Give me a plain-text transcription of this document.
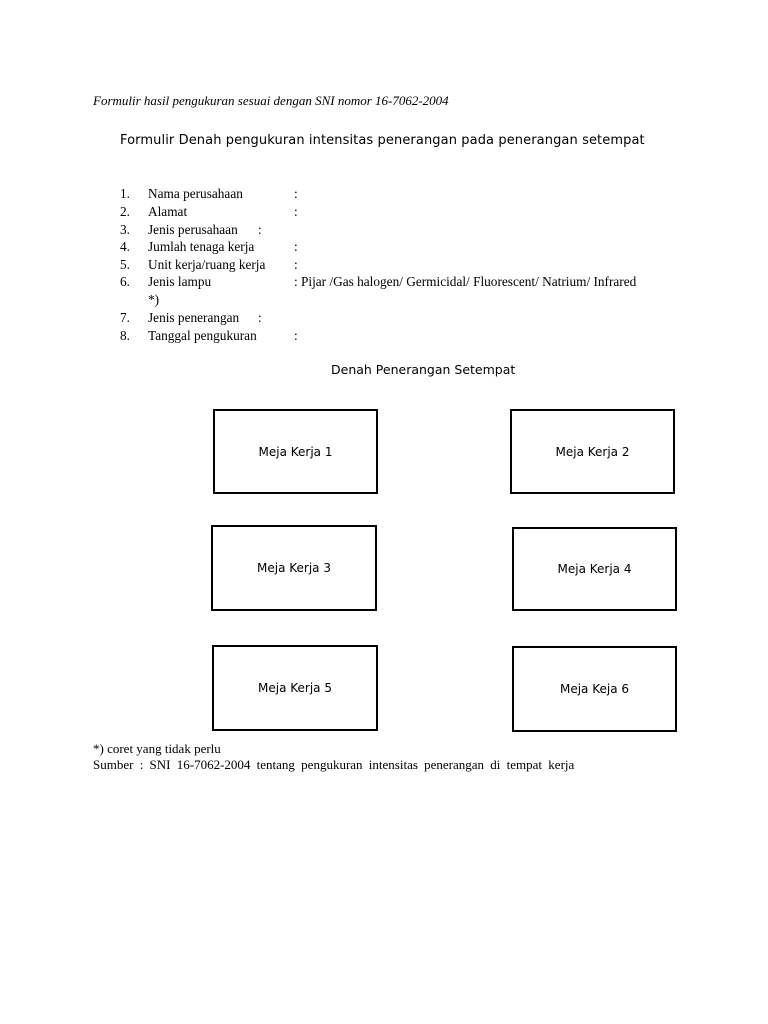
Formulir hasil pengukuran sesuai dengan SNI nomor 16-7062-2004
Formulir Denah pengukuran intensitas penerangan pada penerangan setempat
1. Nama perusahaan	:
2. Alamat	:
3. Jenis perusahaan :
4. Jumlah tenaga kerja	:
5. Unit kerja/ruang kerja :
6. Jenis lampu	: Pijar /Gas halogen/ Germicidal/ Fluorescent/ Natrium/ Infrared
*)
7. Jenis penerangan :
8. Tanggal pengukuran	:
Denah Penerangan Setempat
Meja Kerja 1	Meja Kerja 2
Meja Kerja 3	Meja Kerja 4
Meja Kerja 5	Meja Keja 6
*) coret yang tidak perlu
Sumber : SNI 16-7062-2004 tentang pengukuran intensitas penerangan di tempat kerja
